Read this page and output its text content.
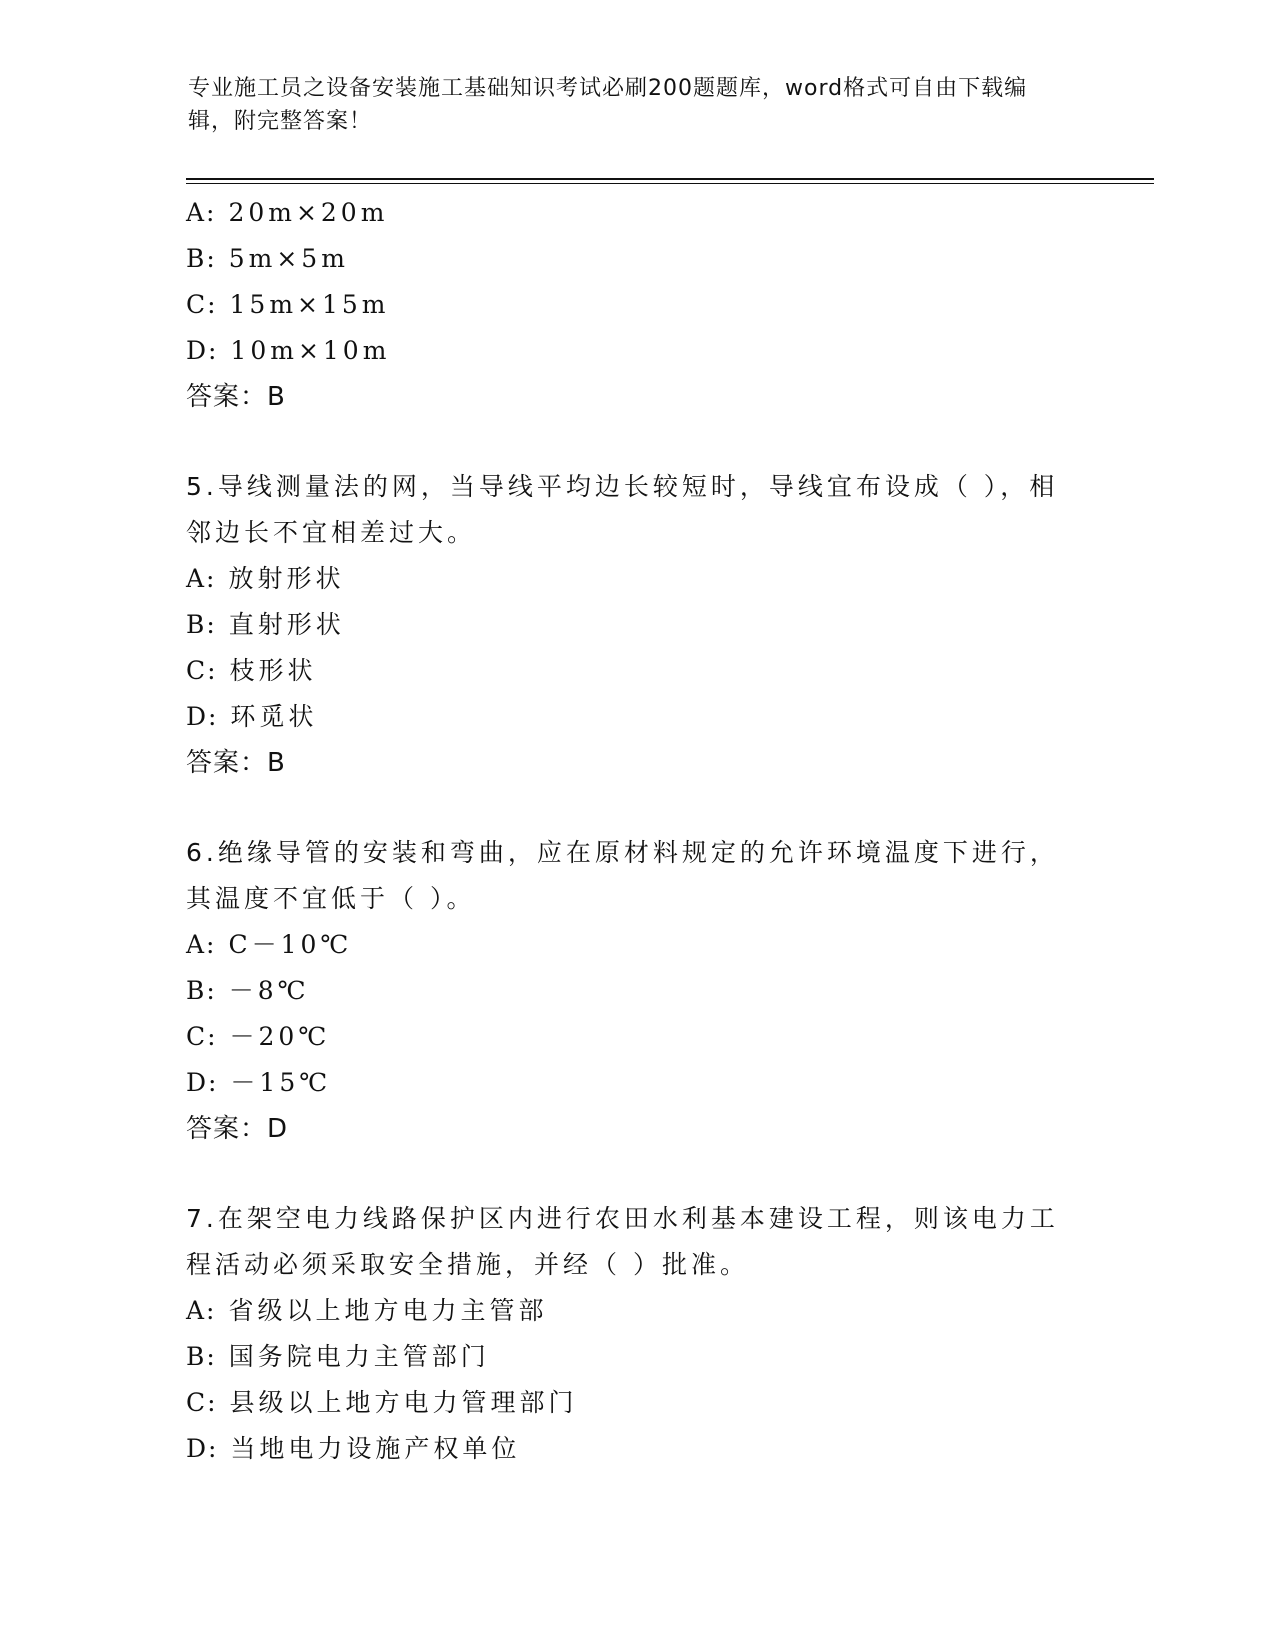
专业施工员之设备安装施工基础知识考试必刷200题题库，word格式可自由下载编辑，附完整答案！
A: 20m×20m
B: 5m×5m
C: 15m×15m
D: 10m×10m
答案：B
5.导线测量法的网，当导线平均边长较短时，导线宜布设成（ ），相邻边长不宜相差过大。
A: 放射形状
B: 直射形状
C: 枝形状
D: 环觅状
答案：B
6.绝缘导管的安装和弯曲，应在原材料规定的允许环境温度下进行，其温度不宜低于（ ）。
A: C－10℃
B: －8℃
C: －20℃
D: －15℃
答案：D
7.在架空电力线路保护区内进行农田水利基本建设工程，则该电力工程活动必须采取安全措施，并经（ ）批准。
A: 省级以上地方电力主管部
B: 国务院电力主管部门
C: 县级以上地方电力管理部门
D: 当地电力设施产权单位
